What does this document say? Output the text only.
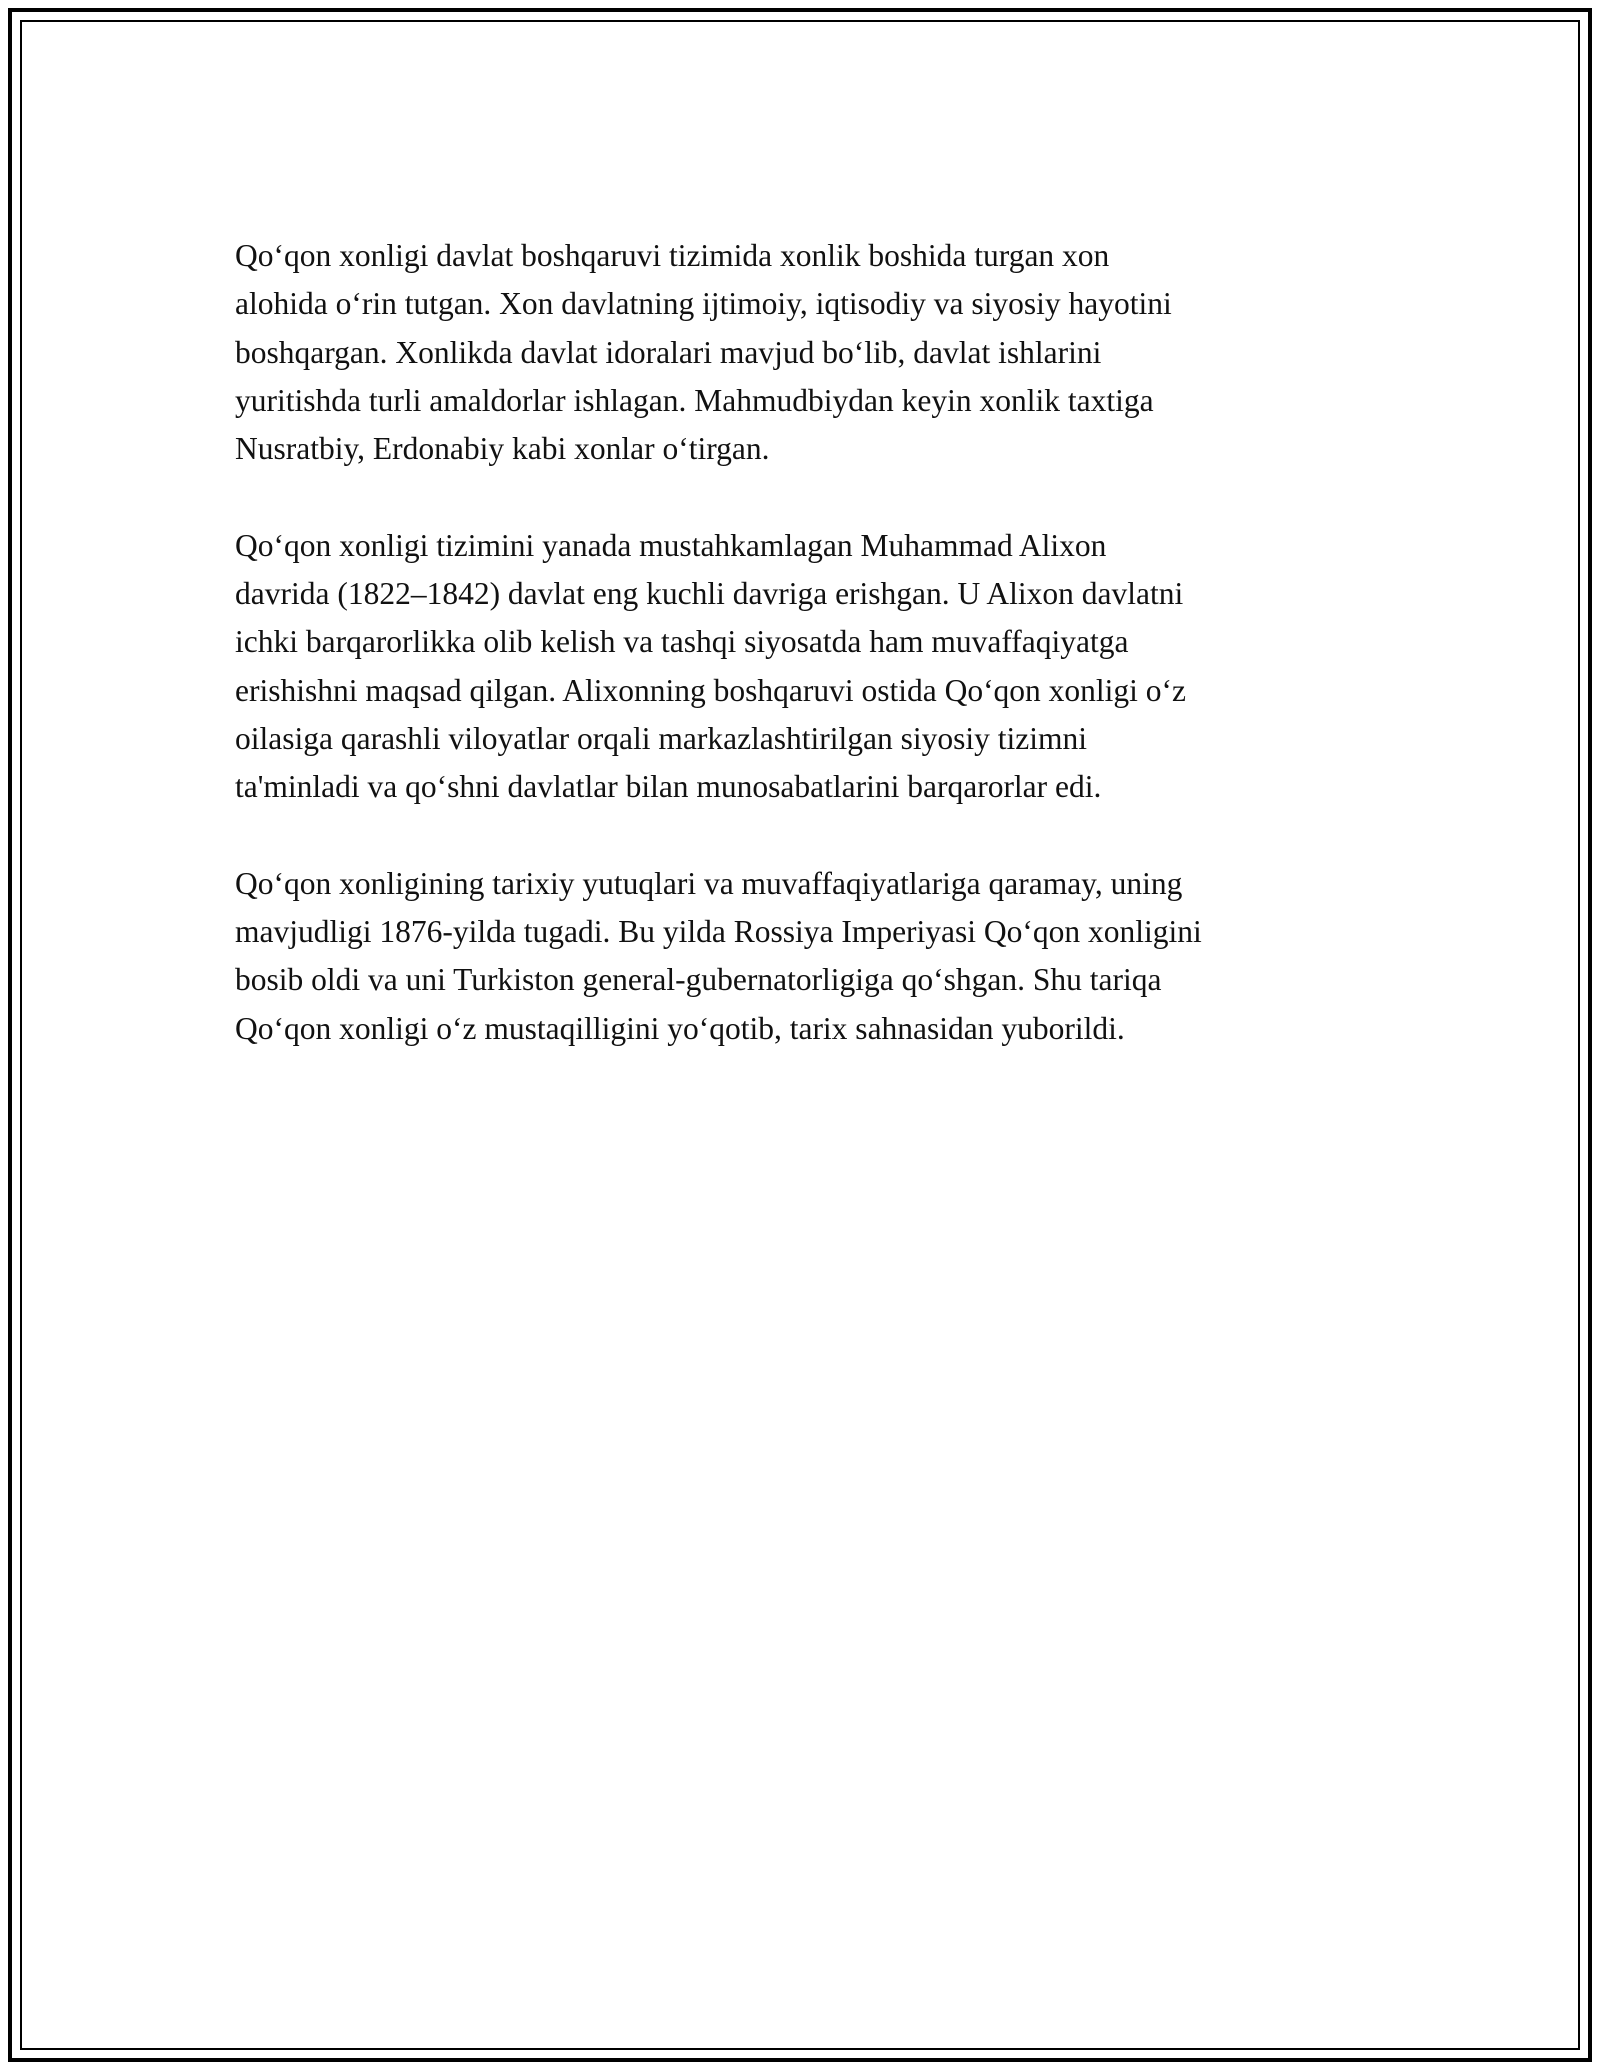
Qo‘qon xonligi davlat boshqaruvi tizimida xonlik boshida turgan xon
alohida o‘rin tutgan. Xon davlatning ijtimoiy, iqtisodiy va siyosiy hayotini
boshqargan. Xonlikda davlat idoralari mavjud bo‘lib, davlat ishlarini
yuritishda turli amaldorlar ishlagan. Mahmudbiydan keyin xonlik taxtiga
Nusratbiy, Erdonabiy kabi xonlar o‘tirgan.

Qo‘qon xonligi tizimini yanada mustahkamlagan Muhammad Alixon
davrida (1822–1842) davlat eng kuchli davriga erishgan. U Alixon davlatni
ichki barqarorlikka olib kelish va tashqi siyosatda ham muvaffaqiyatga
erishishni maqsad qilgan. Alixonning boshqaruvi ostida Qo‘qon xonligi o‘z
oilasiga qarashli viloyatlar orqali markazlashtirilgan siyosiy tizimni
ta'minladi va qo‘shni davlatlar bilan munosabatlarini barqarorlar edi.

Qo‘qon xonligining tarixiy yutuqlari va muvaffaqiyatlariga qaramay, uning
mavjudligi 1876-yilda tugadi. Bu yilda Rossiya Imperiyasi Qo‘qon xonligini
bosib oldi va uni Turkiston general-gubernatorligiga qo‘shgan. Shu tariqa
Qo‘qon xonligi o‘z mustaqilligini yo‘qotib, tarix sahnasidan yuborildi.
